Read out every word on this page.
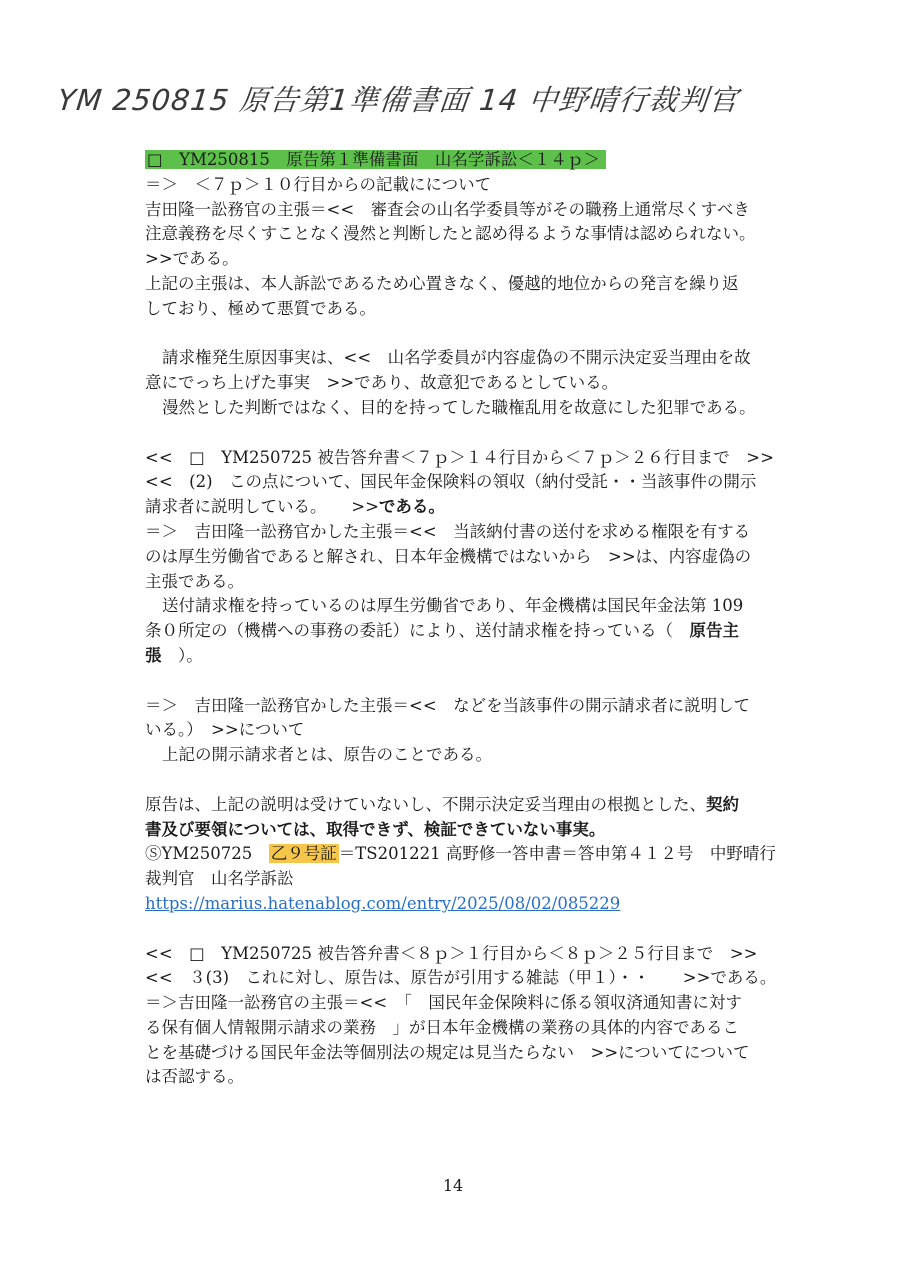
YM 250815 原告第1準備書面 14 中野晴行裁判官
□　YM250815　原告第１準備書面　山名学訴訟＜１４ｐ＞
＝＞　＜７ｐ＞１０行目からの記載にについて
吉田隆一訟務官の主張＝<<　審査会の山名学委員等がその職務上通常尽くすべき
注意義務を尽くすことなく漫然と判断したと認め得るような事情は認められない。
>>である。
上記の主張は、本人訴訟であるため心置きなく、優越的地位からの発言を繰り返
しており、極めて悪質である。
請求権発生原因事実は、<<　山名学委員が内容虚偽の不開示決定妥当理由を故
意にでっち上げた事実　>>であり、故意犯であるとしている。
漫然とした判断ではなく、目的を持ってした職権乱用を故意にした犯罪である。
<<　□　YM250725 被告答弁書＜７ｐ＞１４行目から＜７ｐ＞２６行目まで　>>
<<　(2)　この点について、国民年金保険料の領収（納付受託・・当該事件の開示
請求者に説明している。　　>>である。
＝＞　吉田隆一訟務官かした主張＝<<　当該納付書の送付を求める権限を有する
のは厚生労働省であると解され、日本年金機構ではないから　>>は、内容虚偽の
主張である。
送付請求権を持っているのは厚生労働省であり、年金機構は国民年金法第 109
条０所定の（機構への事務の委託）により、送付請求権を持っている（　原告主
張　）。
＝＞　吉田隆一訟務官かした主張＝<<　などを当該事件の開示請求者に説明して
いる。）　>>について
上記の開示請求者とは、原告のことである。
原告は、上記の説明は受けていないし、不開示決定妥当理由の根拠とした、契約
書及び要領については、取得できず、検証できていない事実。
ⓈYM250725　乙９号証 ＝TS201221 高野修一答申書＝答申第４１２号　中野晴行
裁判官　山名学訴訟
https://marius.hatenablog.com/entry/2025/08/02/085229
<<　□　YM250725 被告答弁書＜８ｐ＞１行目から＜８ｐ＞２５行目まで　>>
<<　３(3)　これに対し、原告は、原告が引用する雑誌（甲１）・・　　>>である。
＝＞吉田隆一訟務官の主張＝<<　「　国民年金保険料に係る領収済通知書に対す
る保有個人情報開示請求の業務　」が日本年金機構の業務の具体的内容であるこ
とを基礎づける国民年金法等個別法の規定は見当たらない　>>についてについて
は否認する。
14
